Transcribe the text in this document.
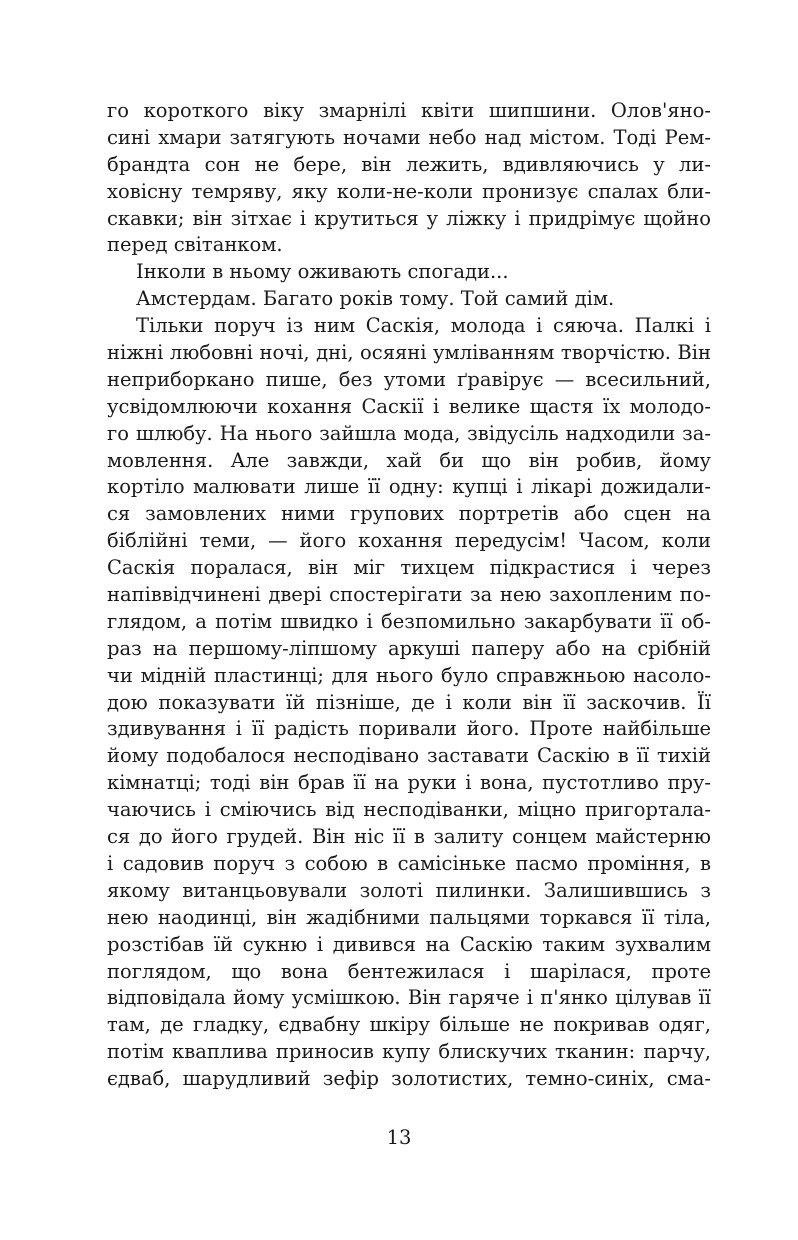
го короткого віку змарнілі квіти шипшини. Олов'яно-
сині хмари затягують ночами небо над містом. Тоді Рем-
брандта сон не бере, він лежить, вдивляючись у ли-
ховісну темряву, яку коли-не-коли пронизує спалах бли-
скавки; він зітхає і крутиться у ліжку і придрімує щойно
перед світанком.
Інколи в ньому оживають спогади...
Амстердам. Багато років тому. Той самий дім.
Тільки поруч із ним Саскія, молода і сяюча. Палкі і
ніжні любовні ночі, дні, осяяні умліванням творчістю. Він
неприборкано пише, без утоми ґравірує — всесильний,
усвідомлюючи кохання Саскії і велике щастя їх молодо-
го шлюбу. На нього зайшла мода, звідусіль надходили за-
мовлення. Але завжди, хай би що він робив, йому
кортіло малювати лише її одну: купці і лікарі дожидали-
ся замовлених ними групових портретів або сцен на
біблійні теми, — його кохання передусім! Часом, коли
Саскія поралася, він міг тихцем підкрастися і через
напіввідчинені двері спостерігати за нею захопленим по-
глядом, а потім швидко і безпомильно закарбувати її об-
раз на першому-ліпшому аркуші паперу або на срібній
чи мідній пластинці; для нього було справжньою насоло-
дою показувати їй пізніше, де і коли він її заскочив. Її
здивування і її радість поривали його. Проте найбільше
йому подобалося несподівано заставати Саскію в її тихій
кімнатці; тоді він брав її на руки і вона, пустотливо пру-
чаючись і сміючись від несподіванки, міцно пригортала-
ся до його грудей. Він ніс її в залиту сонцем майстерню
і садовив поруч з собою в самісіньке пасмо проміння, в
якому витанцьовували золоті пилинки. Залишившись з
нею наодинці, він жадібними пальцями торкався її тіла,
розстібав їй сукню і дивився на Саскію таким зухвалим
поглядом, що вона бентежилася і шарілася, проте
відповідала йому усмішкою. Він гаряче і п'янко цілував її
там, де гладку, єдвабну шкіру більше не покривав одяг,
потім кваплива приносив купу блискучих тканин: парчу,
єдваб, шарудливий зефір золотистих, темно-синіх, сма-
13
